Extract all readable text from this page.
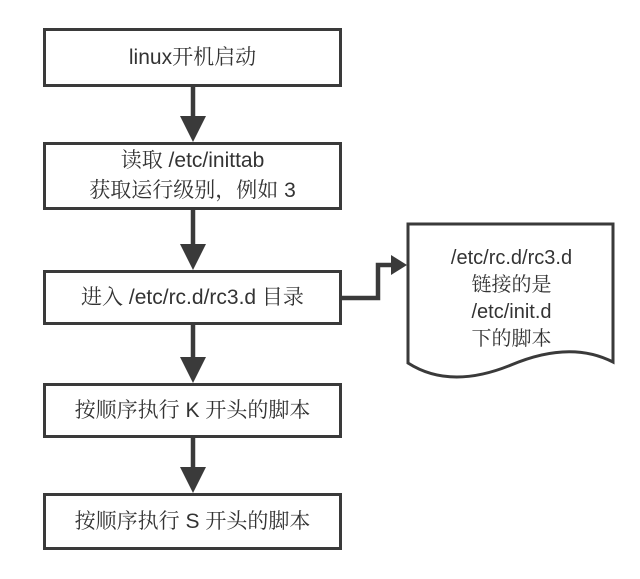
linux开机启动
读取 /etc/inittab
获取运行级别，例如 3
进入 /etc/rc.d/rc3.d 目录
按顺序执行 K 开头的脚本
按顺序执行 S 开头的脚本
/etc/rc.d/rc3.d
链接的是
/etc/init.d
下的脚本
